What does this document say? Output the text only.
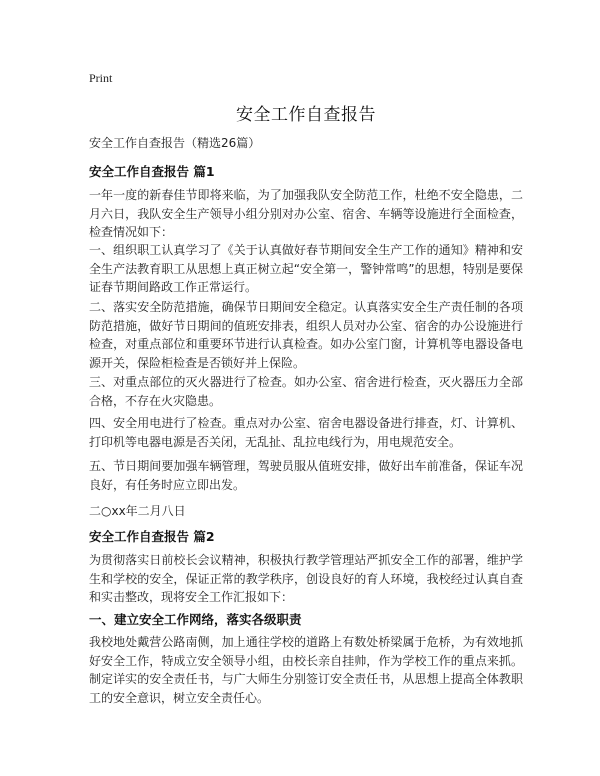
Print
安全工作自查报告
安全工作自查报告（精选26篇）
安全工作自查报告 篇1
一年一度的新春佳节即将来临，为了加强我队安全防范工作，杜绝不安全隐患，二月六日，我队安全生产领导小组分别对办公室、宿舍、车辆等设施进行全面检查，检查情况如下：
一、组织职工认真学习了《关于认真做好春节期间安全生产工作的通知》精神和安全生产法教育职工从思想上真正树立起“安全第一，警钟常鸣”的思想，特别是要保证春节期间路政工作正常运行。
二、落实安全防范措施，确保节日期间安全稳定。认真落实安全生产责任制的各项防范措施，做好节日期间的值班安排表，组织人员对办公室、宿舍的办公设施进行检查，对重点部位和重要环节进行认真检查。如办公室门窗，计算机等电器设备电源开关，保险柜检查是否锁好并上保险。
三、对重点部位的灭火器进行了检查。如办公室、宿舍进行检查，灭火器压力全部合格，不存在火灾隐患。
四、安全用电进行了检查。重点对办公室、宿舍电器设备进行排查，灯、计算机、打印机等电器电源是否关闭，无乱扯、乱拉电线行为，用电规范安全。
五、节日期间要加强车辆管理，驾驶员服从值班安排，做好出车前准备，保证车况良好，有任务时应立即出发。
二○xx年二月八日
安全工作自查报告 篇2
为贯彻落实日前校长会议精神，积极执行教学管理站严抓安全工作的部署，维护学生和学校的安全，保证正常的教学秩序，创设良好的育人环境，我校经过认真自查和实击整改，现将安全工作汇报如下：
一、建立安全工作网络，落实各级职责
我校地处戴营公路南侧，加上通往学校的道路上有数处桥梁属于危桥，为有效地抓好安全工作，特成立安全领导小组，由校长亲自挂帅，作为学校工作的重点来抓。制定详实的安全责任书，与广大师生分别签订安全责任书，从思想上提高全体教职工的安全意识，树立安全责任心。
